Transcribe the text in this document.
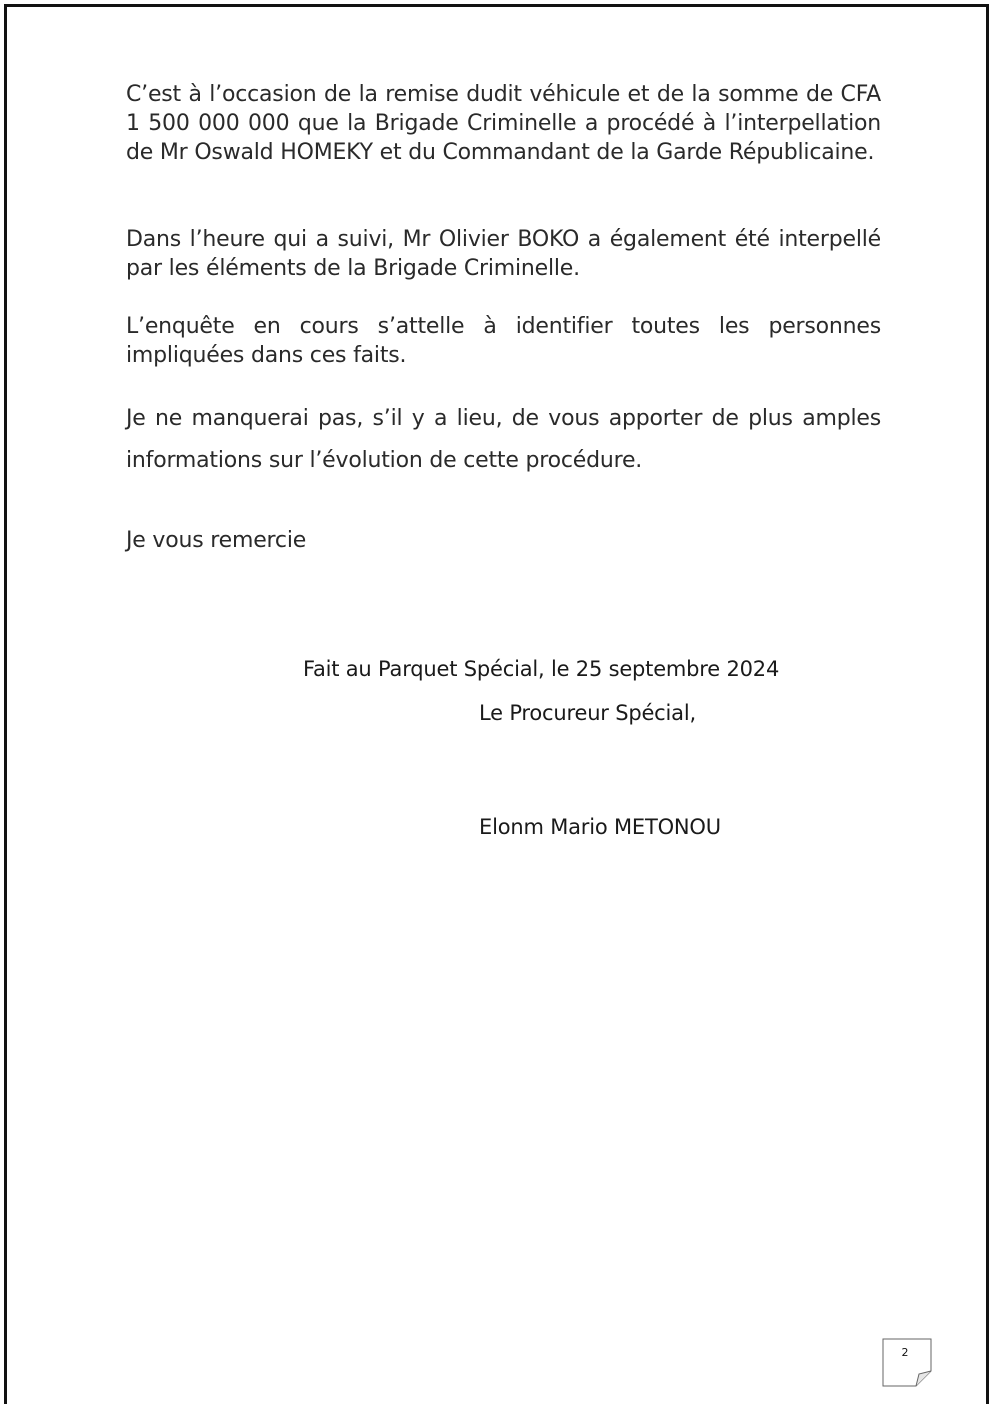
C’est à l’occasion de la remise dudit véhicule et de la somme de CFA 1 500 000 000 que la Brigade Criminelle a procédé à l’interpellation de Mr Oswald HOMEKY et du Commandant de la Garde Républicaine.

Dans l’heure qui a suivi, Mr Olivier BOKO a également été interpellé par les éléments de la Brigade Criminelle.

L’enquête en cours s’attelle à identifier toutes les personnes impliquées dans ces faits.

Je ne manquerai pas, s’il y a lieu, de vous apporter de plus amples informations sur l’évolution de cette procédure.

Je vous remercie

Fait au Parquet Spécial, le 25 septembre 2024

Le Procureur Spécial,

Elonm Mario METONOU

2
